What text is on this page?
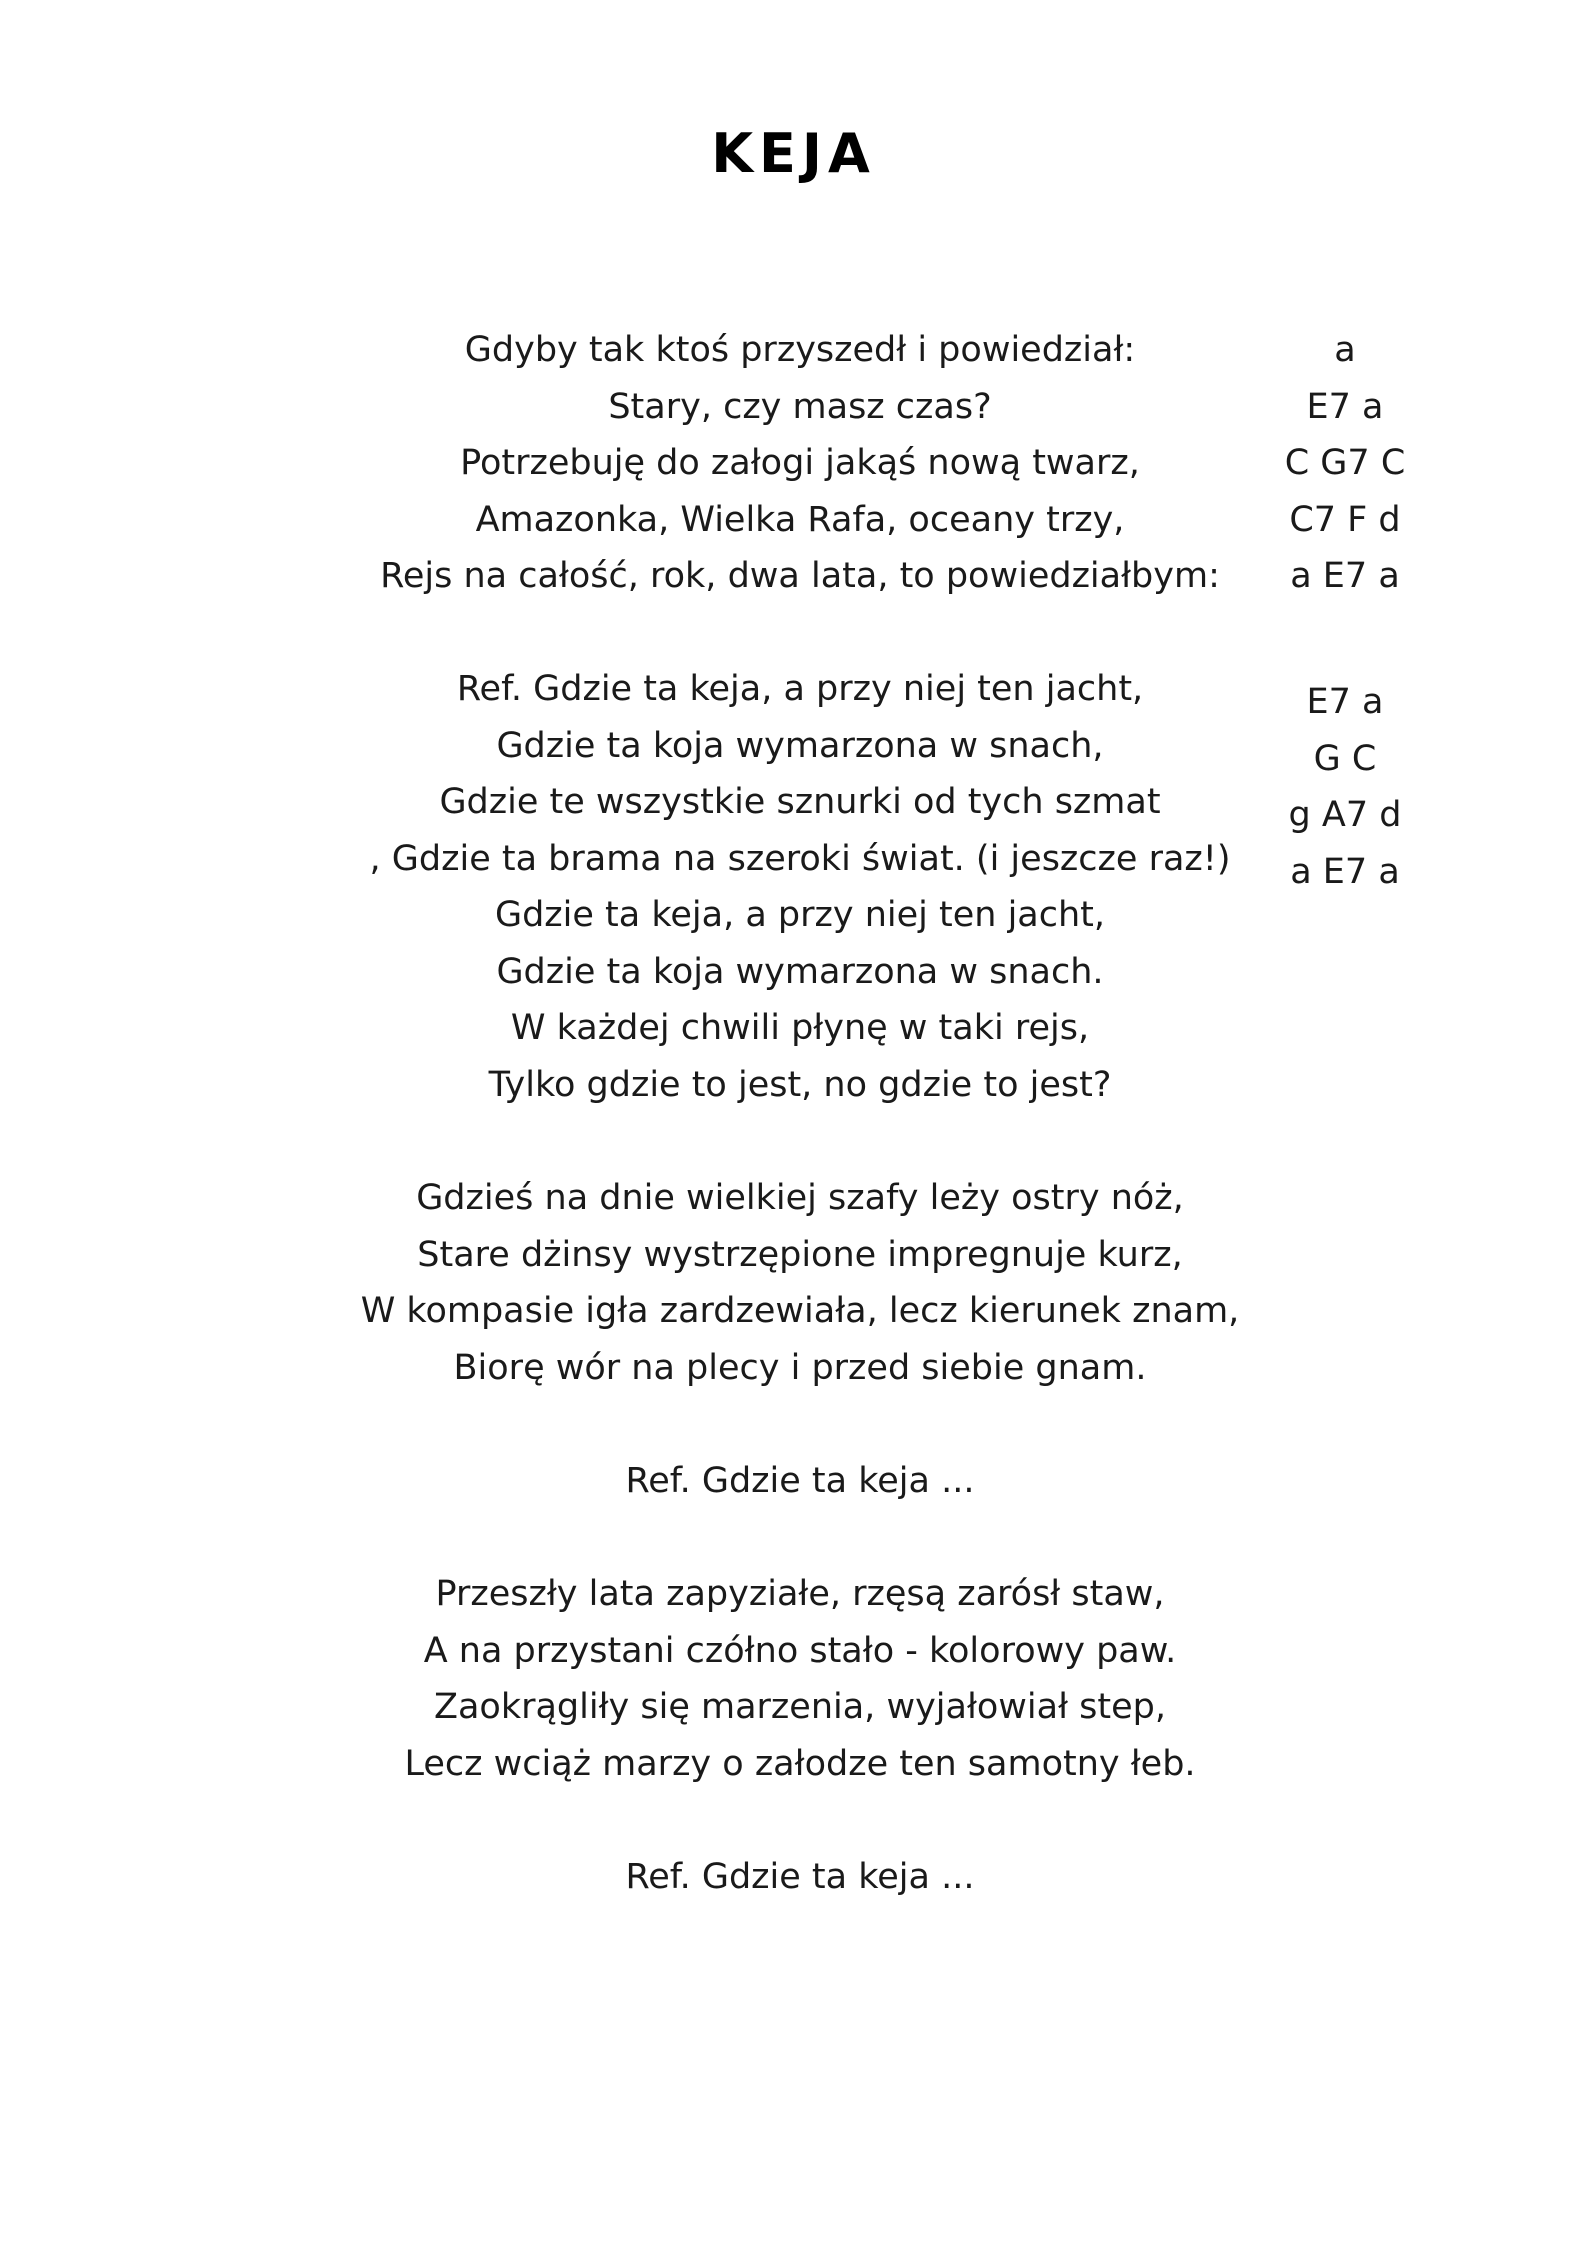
KEJA
Gdyby tak ktoś przyszedł i powiedział:
Stary, czy masz czas?
Potrzebuję do załogi jakąś nową twarz,
Amazonka, Wielka Rafa, oceany trzy,
Rejs na całość, rok, dwa lata, to powiedziałbym:
a
E7 a
C G7 C
C7 F d
a E7 a
Ref. Gdzie ta keja, a przy niej ten jacht,
Gdzie ta koja wymarzona w snach,
Gdzie te wszystkie sznurki od tych szmat
, Gdzie ta brama na szeroki świat. (i jeszcze raz!)
Gdzie ta keja, a przy niej ten jacht,
Gdzie ta koja wymarzona w snach.
W każdej chwili płynę w taki rejs,
Tylko gdzie to jest, no gdzie to jest?
E7 a
G C
g A7 d
a E7 a
Gdzieś na dnie wielkiej szafy leży ostry nóż,
Stare dżinsy wystrzępione impregnuje kurz,
W kompasie igła zardzewiała, lecz kierunek znam,
Biorę wór na plecy i przed siebie gnam.
Ref. Gdzie ta keja ...
Przeszły lata zapyziałe, rzęsą zarósł staw,
A na przystani czółno stało - kolorowy paw.
Zaokrągliły się marzenia, wyjałowiał step,
Lecz wciąż marzy o załodze ten samotny łeb.
Ref. Gdzie ta keja ...
